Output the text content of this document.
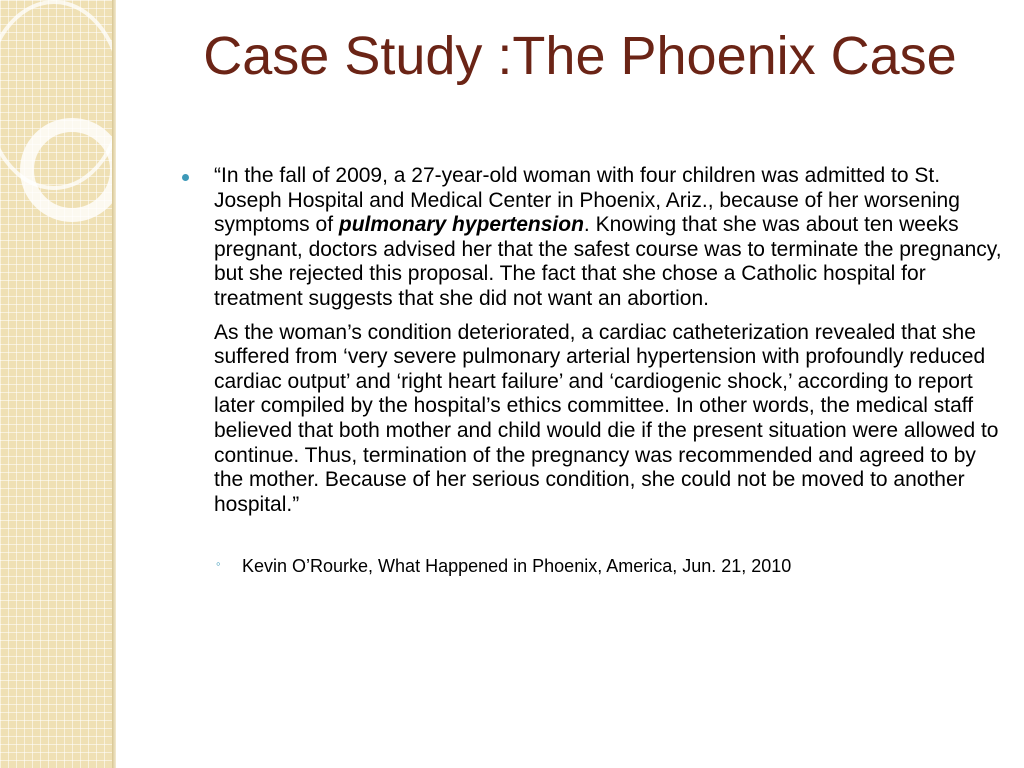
Case Study :The Phoenix Case

“In the fall of 2009, a 27-year-old woman with four children was admitted to St. Joseph Hospital and Medical Center in Phoenix, Ariz., because of her worsening symptoms of pulmonary hypertension. Knowing that she was about ten weeks pregnant, doctors advised her that the safest course was to terminate the pregnancy, but she rejected this proposal. The fact that she chose a Catholic hospital for treatment suggests that she did not want an abortion.

As the woman’s condition deteriorated, a cardiac catheterization revealed that she suffered from ‘very severe pulmonary arterial hypertension with profoundly reduced cardiac output’ and ‘right heart failure’ and ‘cardiogenic shock,’ according to report later compiled by the hospital’s ethics committee. In other words, the medical staff believed that both mother and child would die if the present situation were allowed to continue. Thus, termination of the pregnancy was recommended and agreed to by the mother. Because of her serious condition, she could not be moved to another hospital.”

◦ Kevin O’Rourke, What Happened in Phoenix, America, Jun. 21, 2010
